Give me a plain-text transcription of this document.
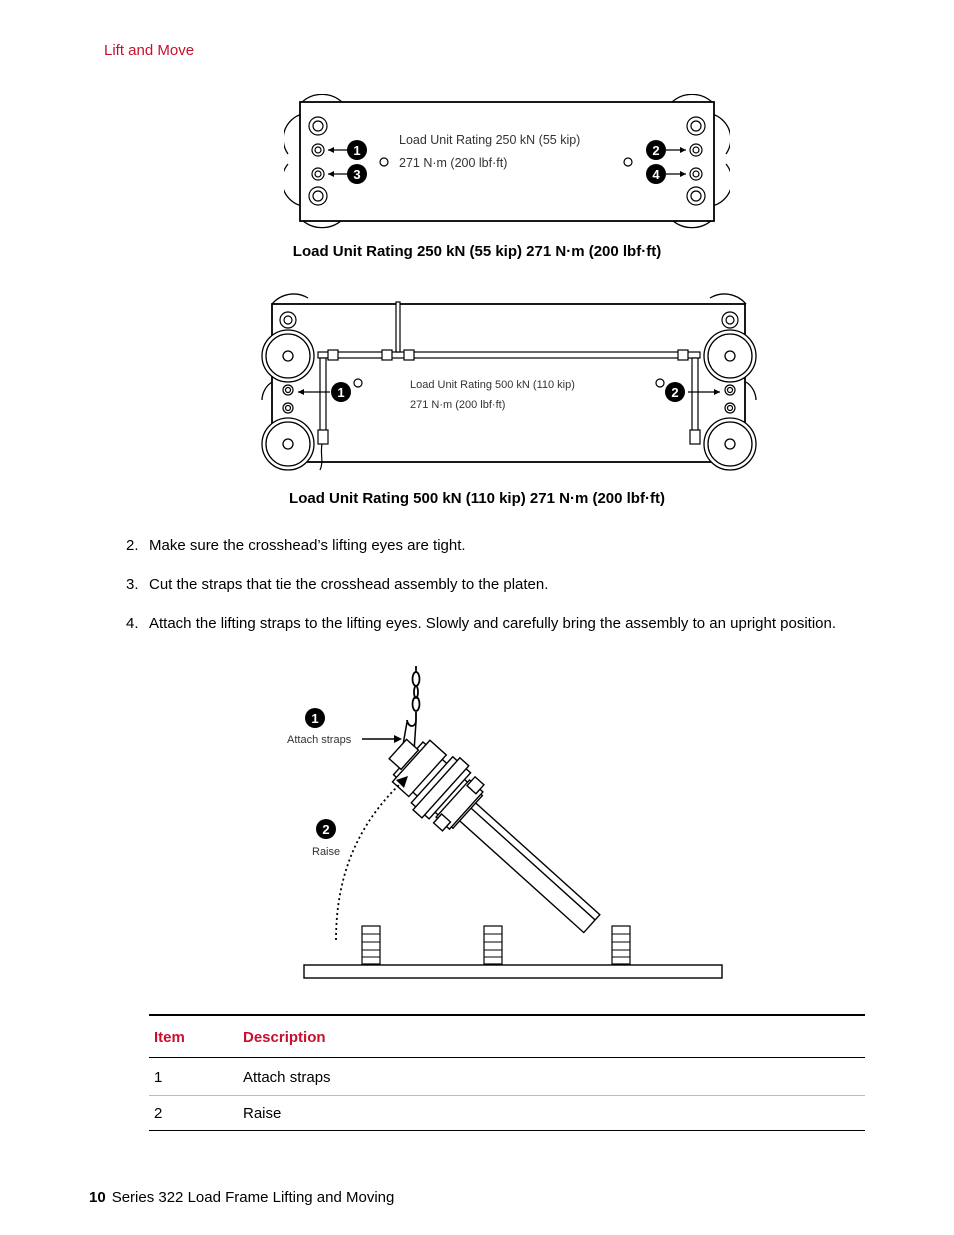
Lift and Move
1
3
2
4
Load Unit Rating 250 kN (55 kip)
271 N·m (200 lbf·ft)
Load Unit Rating 250 kN (55 kip) 271 N·m (200 lbf·ft)
1	2
Load Unit Rating 500 kN (110 kip)
271 N·m (200 lbf·ft)
Load Unit Rating 500 kN (110 kip) 271 N·m (200 lbf·ft)
2. Make sure the crosshead’s lifting eyes are tight.
3. Cut the straps that tie the crosshead assembly to the platen.
4. Attach the lifting straps to the lifting eyes. Slowly and carefully bring the assembly to an upright position.
1
Attach straps
2
Raise
Item	Description
1	Attach straps
2	Raise
10 Series 322 Load Frame Lifting and Moving
